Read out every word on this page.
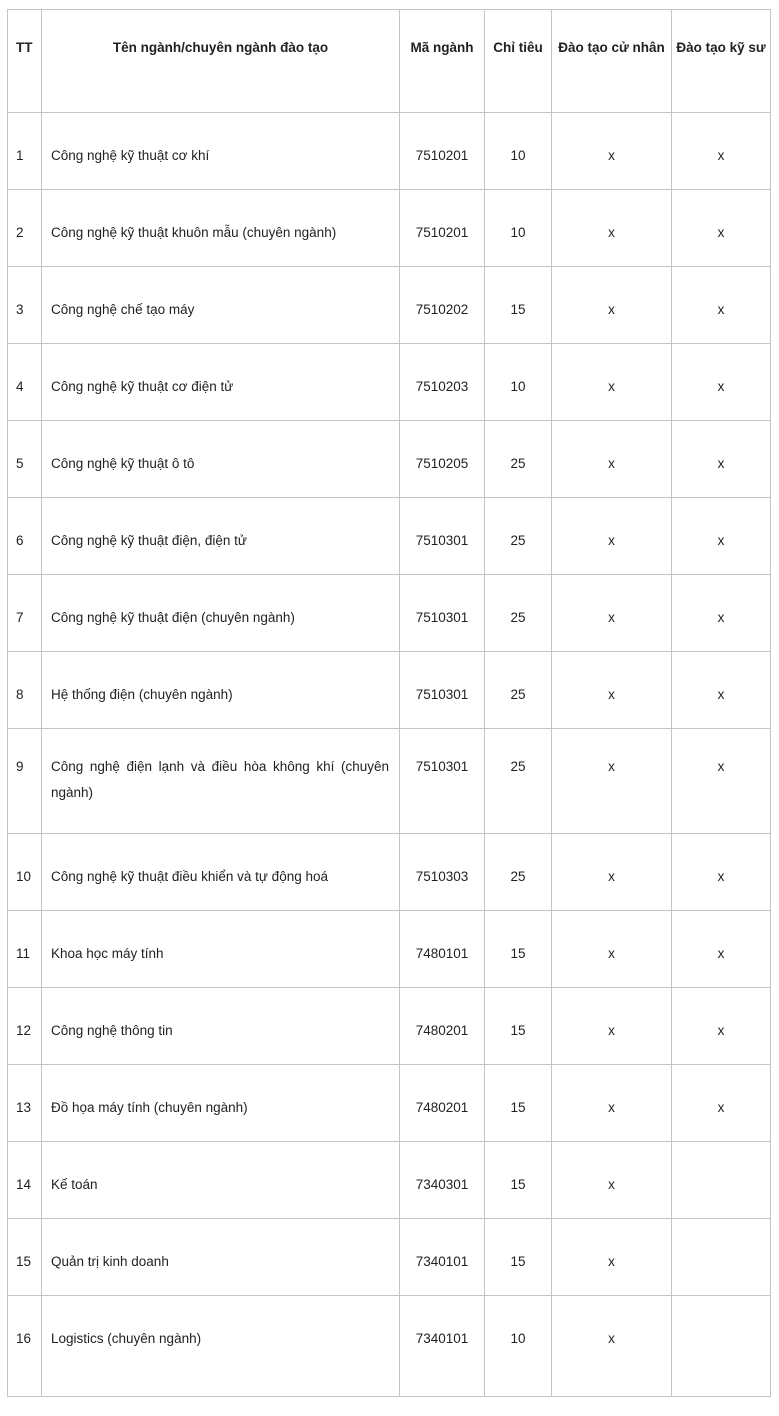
TT	Tên ngành/chuyên ngành đào tạo	Mã ngành	Chỉ tiêu	Đào tạo cử nhân	Đào tạo kỹ sư
1	Công nghệ kỹ thuật cơ khí	7510201	10	x	x
2	Công nghệ kỹ thuật khuôn mẫu (chuyên ngành)	7510201	10	x	x
3	Công nghệ chế tạo máy	7510202	15	x	x
4	Công nghệ kỹ thuật cơ điện tử	7510203	10	x	x
5	Công nghệ kỹ thuật ô tô	7510205	25	x	x
6	Công nghệ kỹ thuật điện, điện tử	7510301	25	x	x
7	Công nghệ kỹ thuật điện (chuyên ngành)	7510301	25	x	x
8	Hệ thống điện (chuyên ngành)	7510301	25	x	x
9	Công nghệ điện lạnh và điều hòa không khí (chuyên ngành)	7510301	25	x	x
10	Công nghệ kỹ thuật điều khiển và tự động hoá	7510303	25	x	x
11	Khoa học máy tính	7480101	15	x	x
12	Công nghệ thông tin	7480201	15	x	x
13	Đồ họa máy tính (chuyên ngành)	7480201	15	x	x
14	Kế toán	7340301	15	x	
15	Quản trị kinh doanh	7340101	15	x	
16	Logistics (chuyên ngành)	7340101	10	x	
